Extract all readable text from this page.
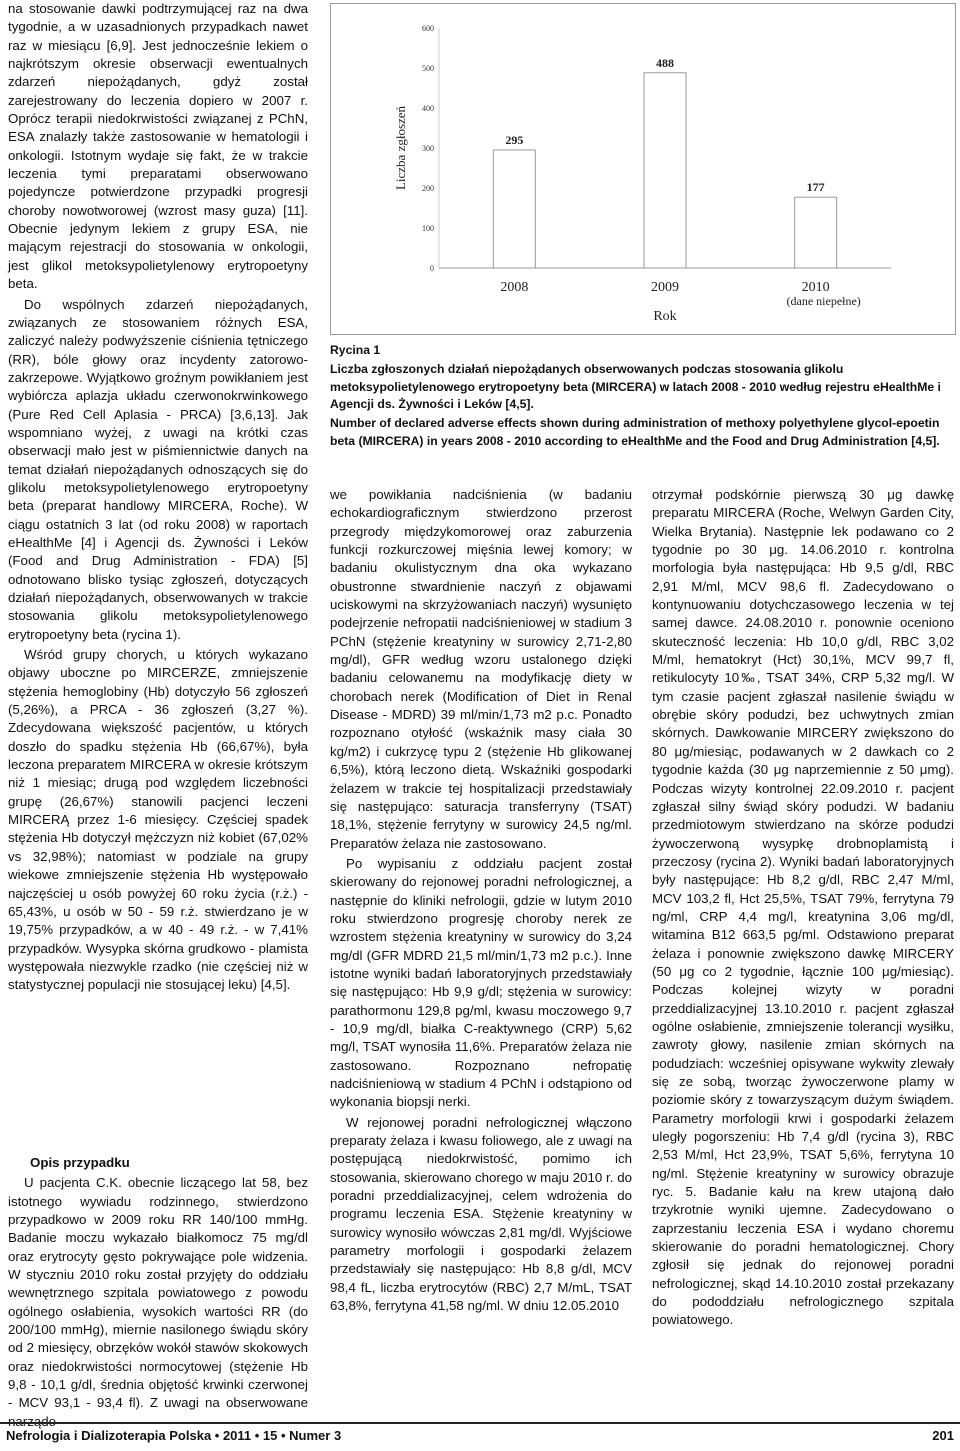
na stosowanie dawki podtrzymującej raz na dwa tygodnie, a w uzasadnionych przypadkach nawet raz w miesiącu [6,9]. Jest jednocześnie lekiem o najkrótszym okresie obserwacji ewentualnych zdarzeń niepożądanych, gdyż został zarejestrowany do leczenia dopiero w 2007 r. Oprócz terapii niedokrwistości związanej z PChN, ESA znalazły także zastosowanie w hematologii i onkologii. Istotnym wydaje się fakt, że w trakcie leczenia tymi preparatami obserwowano pojedyncze potwierdzone przypadki progresji choroby nowotworowej (wzrost masy guza) [11]. Obecnie jedynym lekiem z grupy ESA, nie mającym rejestracji do stosowania w onkologii, jest glikol metoksypolietylenowy erytropoetyny beta.

Do wspólnych zdarzeń niepożądanych, związanych ze stosowaniem różnych ESA, zaliczyć należy podwyższenie ciśnienia tętniczego (RR), bóle głowy oraz incydenty zatorowo-zakrzepowe. Wyjątkowo groźnym powikłaniem jest wybiórcza aplazja układu czerwonokrwinkowego (Pure Red Cell Aplasia - PRCA) [3,6,13]. Jak wspomniano wyżej, z uwagi na krótki czas obserwacji mało jest w piśmiennictwie danych na temat działań niepożądanych odnoszących się do glikolu metoksypolietylenowego erytropoetyny beta (preparat handlowy MIRCERA, Roche). W ciągu ostatnich 3 lat (od roku 2008) w raportach eHealthMe [4] i Agencji ds. Żywności i Leków (Food and Drug Administration - FDA) [5] odnotowano blisko tysiąc zgłoszeń, dotyczących działań niepożądanych, obserwowanych w trakcie stosowania glikolu metoksypolietylenowego erytropoetyny beta (rycina 1).

Wśród grupy chorych, u których wykazano objawy uboczne po MIRCERZE, zmniejszenie stężenia hemoglobiny (Hb) dotyczyło 56 zgłoszeń (5,26%), a PRCA - 36 zgłoszeń (3,27 %). Zdecydowana większość pacjentów, u których doszło do spadku stężenia Hb (66,67%), była leczona preparatem MIRCERA w okresie krótszym niż 1 miesiąc; drugą pod względem liczebności grupę (26,67%) stanowili pacjenci leczeni MIRCERĄ przez 1-6 miesięcy. Częściej spadek stężenia Hb dotyczył mężczyzn niż kobiet (67,02% vs 32,98%); natomiast w podziale na grupy wiekowe zmniejszenie stężenia Hb występowało najczęściej u osób powyżej 60 roku życia (r.ż.) - 65,43%, u osób w 50 - 59 r.ż. stwierdzano je w 19,75% przypadków, a w 40 - 49 r.ż. - w 7,41% przypadków. Wysypka skórna grudkowo - plamista występowała niezwykle rzadko (nie częściej niż w statystycznej populacji nie stosującej leku) [4,5].

Opis przypadku

U pacjenta C.K. obecnie liczącego lat 58, bez istotnego wywiadu rodzinnego, stwierdzono przypadkowo w 2009 roku RR 140/100 mmHg. Badanie moczu wykazało białkomocz 75 mg/dl oraz erytrocyty gęsto pokrywające pole widzenia. W styczniu 2010 roku został przyjęty do oddziału wewnętrznego szpitala powiatowego z powodu ogólnego osłabienia, wysokich wartości RR (do 200/100 mmHg), miernie nasilonego świądu skóry od 2 miesięcy, obrzęków wokół stawów skokowych oraz niedokrwistości normocytowej (stężenie Hb 9,8 - 10,1 g/dl, średnia objętość krwinki czerwonej - MCV 93,1 - 93,4 fl). Z uwagi na obserwowane narządo-

0
100
200
300
400
500
600
Liczba zgłoszeń	295
2008
488
2009
177
2010
(dane niepełne)
Rok

Rycina 1

Liczba zgłoszonych działań niepożądanych obserwowanych podczas stosowania glikolu metoksypolietylenowego erytropoetyny beta (MIRCERA) w latach 2008 - 2010 według rejestru eHealthMe i Agencji ds. Żywności i Leków [4,5].

Number of declared adverse effects shown during administration of methoxy polyethylene glycol-epoetin beta (MIRCERA) in years 2008 - 2010 according to eHealthMe and the Food and Drug Administration [4,5].

we powikłania nadciśnienia (w badaniu echokardiograficznym stwierdzono przerost przegrody międzykomorowej oraz zaburzenia funkcji rozkurczowej mięśnia lewej komory; w badaniu okulistycznym dna oka wykazano obustronne stwardnienie naczyń z objawami uciskowymi na skrzyżowaniach naczyń) wysunięto podejrzenie nefropatii nadciśnieniowej w stadium 3 PChN (stężenie kreatyniny w surowicy 2,71-2,80 mg/dl), GFR według wzoru ustalonego dzięki badaniu celowanemu na modyfikację diety w chorobach nerek (Modification of Diet in Renal Disease - MDRD) 39 ml/min/1,73 m2 p.c. Ponadto rozpoznano otyłość (wskaźnik masy ciała 30 kg/m2) i cukrzycę typu 2 (stężenie Hb glikowanej 6,5%), którą leczono dietą. Wskaźniki gospodarki żelazem w trakcie tej hospitalizacji przedstawiały się następująco: saturacja transferryny (TSAT) 18,1%, stężenie ferrytyny w surowicy 24,5 ng/ml. Preparatów żelaza nie zastosowano.

Po wypisaniu z oddziału pacjent został skierowany do rejonowej poradni nefrologicznej, a następnie do kliniki nefrologii, gdzie w lutym 2010 roku stwierdzono progresję choroby nerek ze wzrostem stężenia kreatyniny w surowicy do 3,24 mg/dl (GFR MDRD 21,5 ml/min/1,73 m2 p.c.). Inne istotne wyniki badań laboratoryjnych przedstawiały się następująco: Hb 9,9 g/dl; stężenia w surowicy: parathormonu 129,8 pg/ml, kwasu moczowego 9,7 - 10,9 mg/dl, białka C-reaktywnego (CRP) 5,62 mg/l, TSAT wynosiła 11,6%. Preparatów żelaza nie zastosowano. Rozpoznano nefropatię nadciśnieniową w stadium 4 PChN i odstąpiono od wykonania biopsji nerki.

W rejonowej poradni nefrologicznej włączono preparaty żelaza i kwasu foliowego, ale z uwagi na postępującą niedokrwistość, pomimo ich stosowania, skierowano chorego w maju 2010 r. do poradni przeddializacyjnej, celem wdrożenia do programu leczenia ESA. Stężenie kreatyniny w surowicy wynosiło wówczas 2,81 mg/dl. Wyjściowe parametry morfologii i gospodarki żelazem przedstawiały się następująco: Hb 8,8 g/dl, MCV 98,4 fL, liczba erytrocytów (RBC) 2,7 M/mL, TSAT 63,8%, ferrytyna 41,58 ng/ml. W dniu 12.05.2010

otrzymał podskórnie pierwszą 30 μg dawkę preparatu MIRCERA (Roche, Welwyn Garden City, Wielka Brytania). Następnie lek podawano co 2 tygodnie po 30 μg. 14.06.2010 r. kontrolna morfologia była następująca: Hb 9,5 g/dl, RBC 2,91 M/ml, MCV 98,6 fl. Zadecydowano o kontynuowaniu dotychczasowego leczenia w tej samej dawce. 24.08.2010 r. ponownie oceniono skuteczność leczenia: Hb 10,0 g/dl, RBC 3,02 M/ml, hematokryt (Hct) 30,1%, MCV 99,7 fl, retikulocyty 10‰, TSAT 34%, CRP 5,32 mg/l. W tym czasie pacjent zgłaszał nasilenie świądu w obrębie skóry podudzi, bez uchwytnych zmian skórnych. Dawkowanie MIRCERY zwiększono do 80 μg/miesiąc, podawanych w 2 dawkach co 2 tygodnie każda (30 μg naprzemiennie z 50 μmg). Podczas wizyty kontrolnej 22.09.2010 r. pacjent zgłaszał silny świąd skóry podudzi. W badaniu przedmiotowym stwierdzano na skórze podudzi żywoczerwoną wysypkę drobnoplamistą i przeczosy (rycina 2). Wyniki badań laboratoryjnych były następujące: Hb 8,2 g/dl, RBC 2,47 M/ml, MCV 103,2 fl, Hct 25,5%, TSAT 79%, ferrytyna 79 ng/ml, CRP 4,4 mg/l, kreatynina 3,06 mg/dl, witamina B12 663,5 pg/ml. Odstawiono preparat żelaza i ponownie zwiększono dawkę MIRCERY (50 μg co 2 tygodnie, łącznie 100 μg/miesiąc). Podczas kolejnej wizyty w poradni przeddializacyjnej 13.10.2010 r. pacjent zgłaszał ogólne osłabienie, zmniejszenie tolerancji wysiłku, zawroty głowy, nasilenie zmian skórnych na podudziach: wcześniej opisywane wykwity zlewały się ze sobą, tworząc żywoczerwone plamy w poziomie skóry z towarzyszącym dużym świądem. Parametry morfologii krwi i gospodarki żelazem uległy pogorszeniu: Hb 7,4 g/dl (rycina 3), RBC 2,53 M/ml, Hct 23,9%, TSAT 5,6%, ferrytyna 10 ng/ml. Stężenie kreatyniny w surowicy obrazuje ryc. 5. Badanie kału na krew utajoną dało trzykrotnie wyniki ujemne. Zadecydowano o zaprzestaniu leczenia ESA i wydano choremu skierowanie do poradni hematologicznej. Chory zgłosił się jednak do rejonowej poradni nefrologicznej, skąd 14.10.2010 został przekazany do pododdziału nefrologicznego szpitala powiatowego.

Nefrologia i Dializoterapia Polska • 2011 • 15 • Numer 3	201
